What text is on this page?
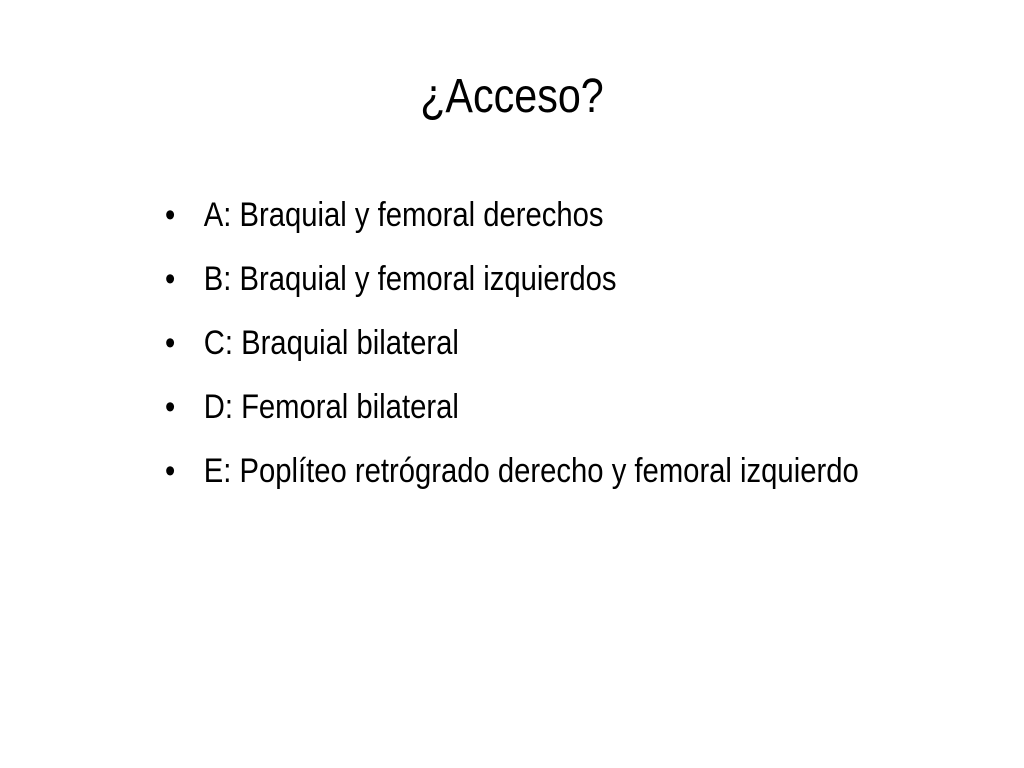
¿Acceso?
• A: Braquial y femoral derechos
• B: Braquial y femoral izquierdos
• C: Braquial bilateral
• D: Femoral bilateral
• E: Poplíteo retrógrado derecho y femoral izquierdo
